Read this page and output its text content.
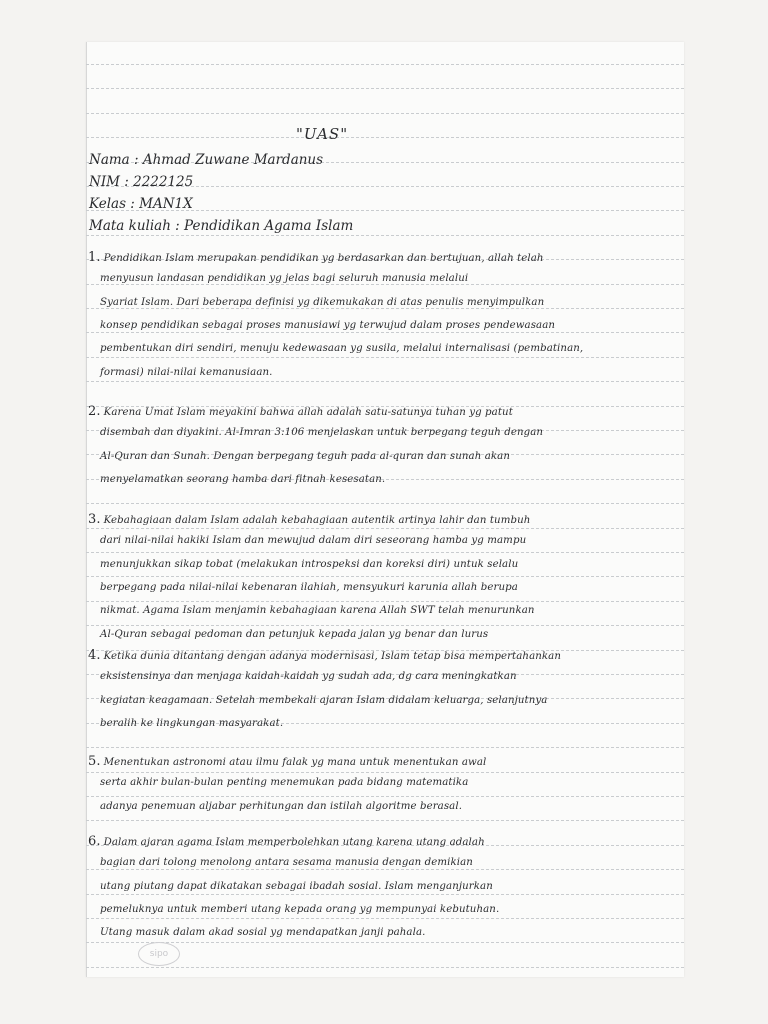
"UAS"
Nama : Ahmad Zuwane Mardanus
NIM : 2222125
Kelas : MAN1X
Mata kuliah : Pendidikan Agama Islam
1. Pendidikan Islam merupakan pendidikan yg berdasarkan dan bertujuan, allah telah
menyusun landasan pendidikan yg jelas bagi seluruh manusia melalui
Syariat Islam. Dari beberapa definisi yg dikemukakan di atas penulis menyimpulkan
konsep pendidikan sebagai proses manusiawi yg terwujud dalam proses pendewasaan
pembentukan diri sendiri, menuju kedewasaan yg susila, melalui internalisasi (pembatinan,
formasi) nilai-nilai kemanusiaan.
2. Karena Umat Islam meyakini bahwa allah adalah satu-satunya tuhan yg patut
disembah dan diyakini. Al-Imran 3:106 menjelaskan untuk berpegang teguh dengan
Al-Quran dan Sunah. Dengan berpegang teguh pada al-quran dan sunah akan
menyelamatkan seorang hamba dari fitnah kesesatan.
3. Kebahagiaan dalam Islam adalah kebahagiaan autentik artinya lahir dan tumbuh
dari nilai-nilai hakiki Islam dan mewujud dalam diri seseorang hamba yg mampu
menunjukkan sikap tobat (melakukan introspeksi dan koreksi diri) untuk selalu
berpegang pada nilai-nilai kebenaran ilahiah, mensyukuri karunia allah berupa
nikmat. Agama Islam menjamin kebahagiaan karena Allah SWT telah menurunkan
Al-Quran sebagai pedoman dan petunjuk kepada jalan yg benar dan lurus
4. Ketika dunia ditantang dengan adanya modernisasi, Islam tetap bisa mempertahankan
eksistensinya dan menjaga kaidah-kaidah yg sudah ada, dg cara meningkatkan
kegiatan keagamaan. Setelah membekali ajaran Islam didalam keluarga, selanjutnya
beralih ke lingkungan masyarakat.
5. Menentukan astronomi atau ilmu falak yg mana untuk menentukan awal
serta akhir bulan-bulan penting menemukan pada bidang matematika
adanya penemuan aljabar perhitungan dan istilah algoritme berasal.
6. Dalam ajaran agama Islam memperbolehkan utang karena utang adalah
bagian dari tolong menolong antara sesama manusia dengan demikian
utang piutang dapat dikatakan sebagai ibadah sosial. Islam menganjurkan
pemeluknya untuk memberi utang kepada orang yg mempunyai kebutuhan.
Utang masuk dalam akad sosial yg mendapatkan janji pahala.
sipo
